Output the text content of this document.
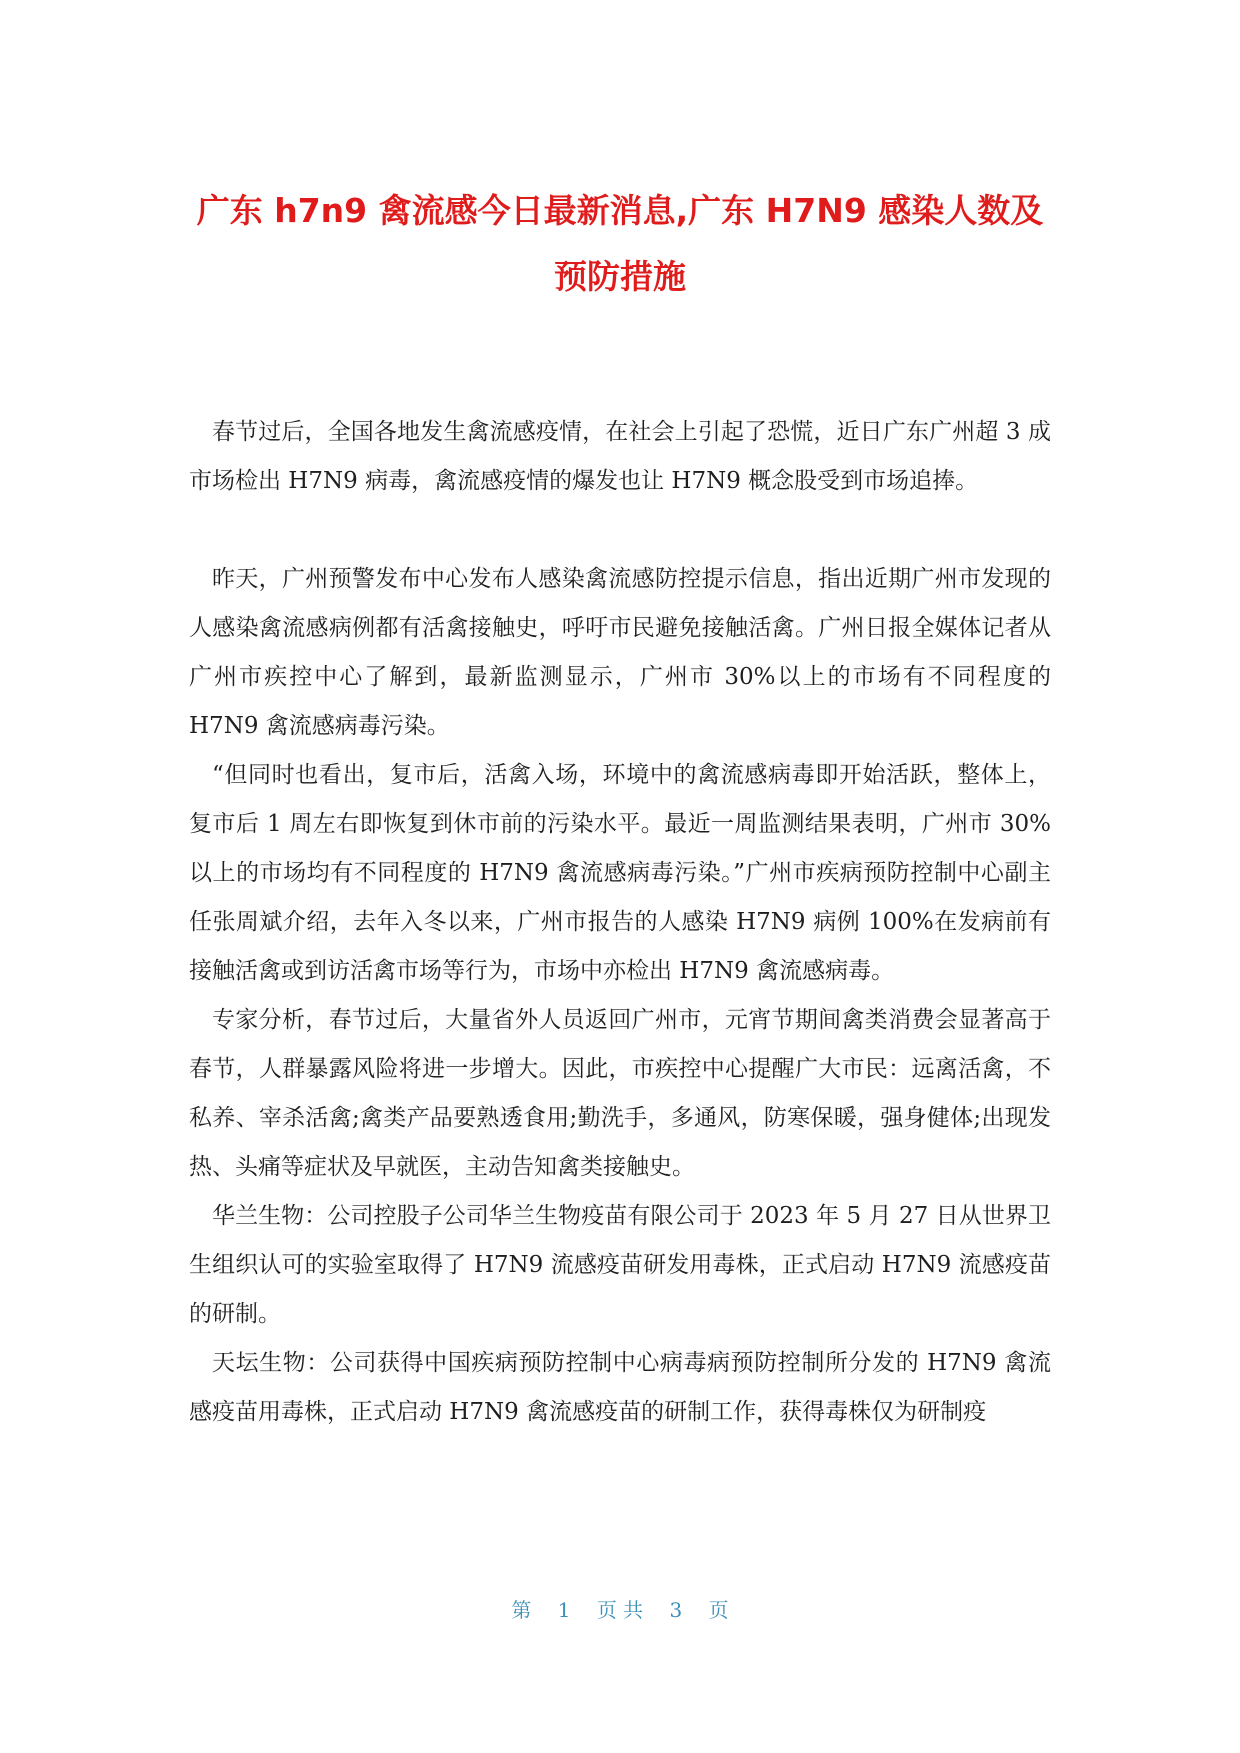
广东 h7n9 禽流感今日最新消息,广东 H7N9 感染人数及预防措施

春节过后，全国各地发生禽流感疫情，在社会上引起了恐慌，近日广东广州超 3 成市场检出 H7N9 病毒，禽流感疫情的爆发也让 H7N9 概念股受到市场追捧。

昨天，广州预警发布中心发布人感染禽流感防控提示信息，指出近期广州市发现的人感染禽流感病例都有活禽接触史，呼吁市民避免接触活禽。广州日报全媒体记者从广州市疾控中心了解到，最新监测显示，广州市 30%以上的市场有不同程度的 H7N9 禽流感病毒污染。

“但同时也看出，复市后，活禽入场，环境中的禽流感病毒即开始活跃，整体上，复市后 1 周左右即恢复到休市前的污染水平。最近一周监测结果表明，广州市 30%以上的市场均有不同程度的 H7N9 禽流感病毒污染。”广州市疾病预防控制中心副主任张周斌介绍，去年入冬以来，广州市报告的人感染 H7N9 病例 100%在发病前有接触活禽或到访活禽市场等行为，市场中亦检出 H7N9 禽流感病毒。

专家分析，春节过后，大量省外人员返回广州市，元宵节期间禽类消费会显著高于春节，人群暴露风险将进一步增大。因此，市疾控中心提醒广大市民：远离活禽，不私养、宰杀活禽;禽类产品要熟透食用;勤洗手，多通风，防寒保暖，强身健体;出现发热、头痛等症状及早就医，主动告知禽类接触史。

华兰生物：公司控股子公司华兰生物疫苗有限公司于 2023 年 5 月 27 日从世界卫生组织认可的实验室取得了 H7N9 流感疫苗研发用毒株，正式启动 H7N9 流感疫苗的研制。

天坛生物：公司获得中国疾病预防控制中心病毒病预防控制所分发的 H7N9 禽流感疫苗用毒株，正式启动 H7N9 禽流感疫苗的研制工作，获得毒株仅为研制疫

第 1 页 共 3 页
